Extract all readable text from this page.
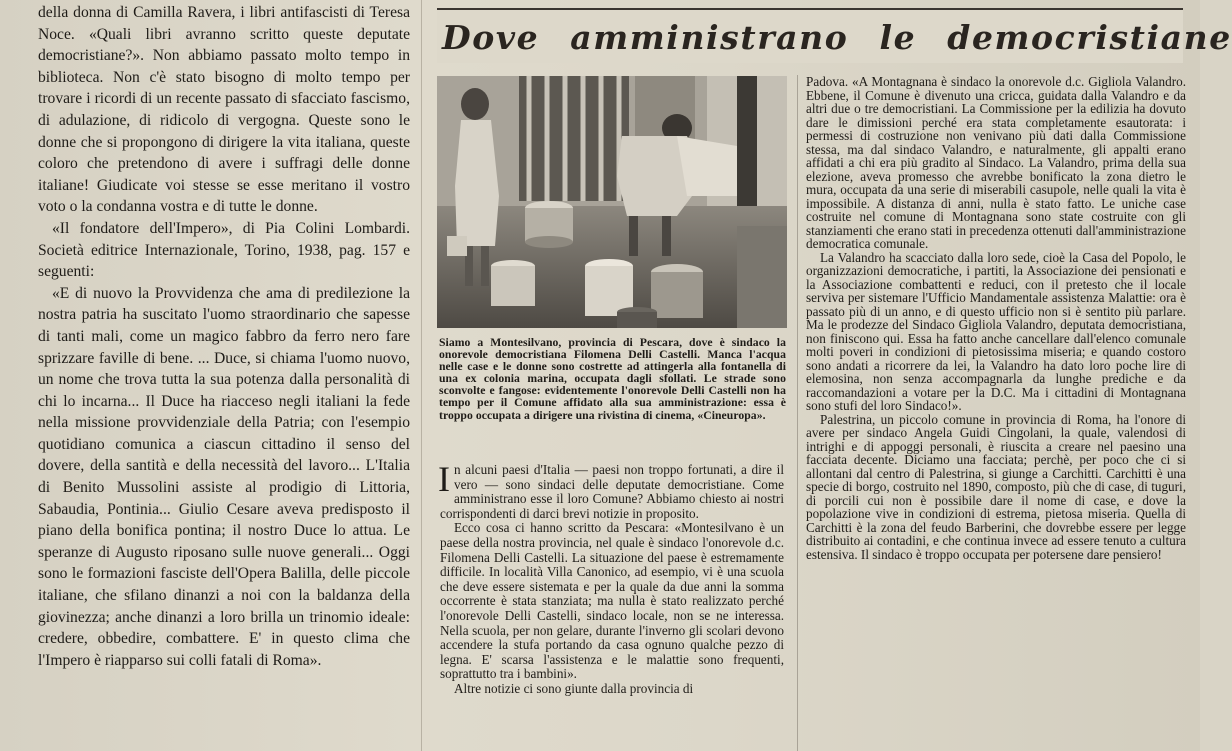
della donna di Camilla Ravera, i libri antifascisti di Teresa Noce. «Quali libri avranno scritto queste deputate democristiane?». Non abbiamo passato molto tempo in biblioteca. Non c'è stato bisogno di molto tempo per trovare i ricordi di un recente passato di sfacciato fascismo, di adulazione, di ridicolo di vergogna. Queste sono le donne che si propongono di dirigere la vita italiana, queste coloro che pretendono di avere i suffragi delle donne italiane! Giudicate voi stesse se esse meritano il vostro voto o la condanna vostra e di tutte le donne.

«Il fondatore dell'Impero», di Pia Colini Lombardi. Società editrice Internazionale, Torino, 1938, pag. 157 e seguenti:

«E di nuovo la Provvidenza che ama di predilezione la nostra patria ha suscitato l'uomo straordinario che sapesse di tanti mali, come un magico fabbro da ferro nero fare sprizzare faville di bene. ... Duce, si chiama l'uomo nuovo, un nome che trova tutta la sua potenza dalla personalità di chi lo incarna... Il Duce ha riacceso negli italiani la fede nella missione provvidenziale della Patria; con l'esempio quotidiano comunica a ciascun cittadino il senso del dovere, della santità e della necessità del lavoro... L'Italia di Benito Mussolini assiste al prodigio di Littoria, Sabaudia, Pontinia... Giulio Cesare aveva predisposto il piano della bonifica pontina; il nostro Duce lo attua. Le speranze di Augusto riposano sulle nuove generali... Oggi sono le formazioni fasciste dell'Opera Balilla, delle piccole italiane, che sfilano dinanzi a noi con la baldanza della giovinezza; anche dinanzi a loro brilla un trinomio ideale: credere, obbedire, combattere. E' in questo clima che l'Impero è riapparso sui colli fatali di Roma».

Dove amministrano le democristiane
Siamo a Montesilvano, provincia di Pescara, dove è sindaco la onorevole democristiana Filomena Delli Castelli. Manca l'acqua nelle case e le donne sono costrette ad attingerla alla fontanella di una ex colonia marina, occupata dagli sfollati. Le strade sono sconvolte e fangose: evidentemente l'onorevole Delli Castelli non ha tempo per il Comune affidato alla sua amministrazione: essa è troppo occupata a dirigere una rivistina di cinema, «Cineuropa».

In alcuni paesi d'Italia — paesi non troppo fortunati, a dire il vero — sono sindaci delle deputate democristiane. Come amministrano esse il loro Comune? Abbiamo chiesto ai nostri corrispondenti di darci brevi notizie in proposito.

Ecco cosa ci hanno scritto da Pescara: «Montesilvano è un paese della nostra provincia, nel quale è sindaco l'onorevole d.c. Filomena Delli Castelli. La situazione del paese è estremamente difficile. In località Villa Canonico, ad esempio, vi è una scuola che deve essere sistemata e per la quale da due anni la somma occorrente è stata stanziata; ma nulla è stato realizzato perché l'onorevole Delli Castelli, sindaco locale, non se ne interessa. Nella scuola, per non gelare, durante l'inverno gli scolari devono accendere la stufa portando da casa ognuno qualche pezzo di legna. E' scarsa l'assistenza e le malattie sono frequenti, soprattutto tra i bambini».

Altre notizie ci sono giunte dalla provincia di

Padova. «A Montagnana è sindaco la onorevole d.c. Gigliola Valandro. Ebbene, il Comune è divenuto una cricca, guidata dalla Valandro e da altri due o tre democristiani. La Commissione per la edilizia ha dovuto dare le dimissioni perché era stata completamente esautorata: i permessi di costruzione non venivano più dati dalla Commissione stessa, ma dal sindaco Valandro, e naturalmente, gli appalti erano affidati a chi era più gradito al Sindaco. La Valandro, prima della sua elezione, aveva promesso che avrebbe bonificato la zona dietro le mura, occupata da una serie di miserabili casupole, nelle quali la vita è impossibile. A distanza di anni, nulla è stato fatto. Le uniche case costruite nel comune di Montagnana sono state costruite con gli stanziamenti che erano stati in precedenza ottenuti dall'amministrazione democratica comunale.

La Valandro ha scacciato dalla loro sede, cioè la Casa del Popolo, le organizzazioni democratiche, i partiti, la Associazione dei pensionati e la Associazione combattenti e reduci, con il pretesto che il locale serviva per sistemare l'Ufficio Mandamentale assistenza Malattie: ora è passato più di un anno, e di questo ufficio non si è sentito più parlare. Ma le prodezze del Sindaco Gigliola Valandro, deputata democristiana, non finiscono qui. Essa ha fatto anche cancellare dall'elenco comunale molti poveri in condizioni di pietosissima miseria; e quando costoro sono andati a ricorrere da lei, la Valandro ha dato loro poche lire di elemosina, non senza accompagnarla da lunghe prediche e da raccomandazioni a votare per la D.C. Ma i cittadini di Montagnana sono stufi del loro Sindaco!».

Palestrina, un piccolo comune in provincia di Roma, ha l'onore di avere per sindaco Angela Guidi Cingolani, la quale, valendosi di intrighi e di appoggi personali, è riuscita a creare nel paesino una facciata decente. Diciamo una facciata; perchè, per poco che ci si allontani dal centro di Palestrina, si giunge a Carchitti. Carchitti è una specie di borgo, costruito nel 1890, composto, più che di case, di tuguri, di porcili cui non è possibile dare il nome di case, e dove la popolazione vive in condizioni di estrema, pietosa miseria. Quella di Carchitti è la zona del feudo Barberini, che dovrebbe essere per legge distribuito ai contadini, e che continua invece ad essere tenuto a cultura estensiva. Il sindaco è troppo occupata per potersene dare pensiero!
